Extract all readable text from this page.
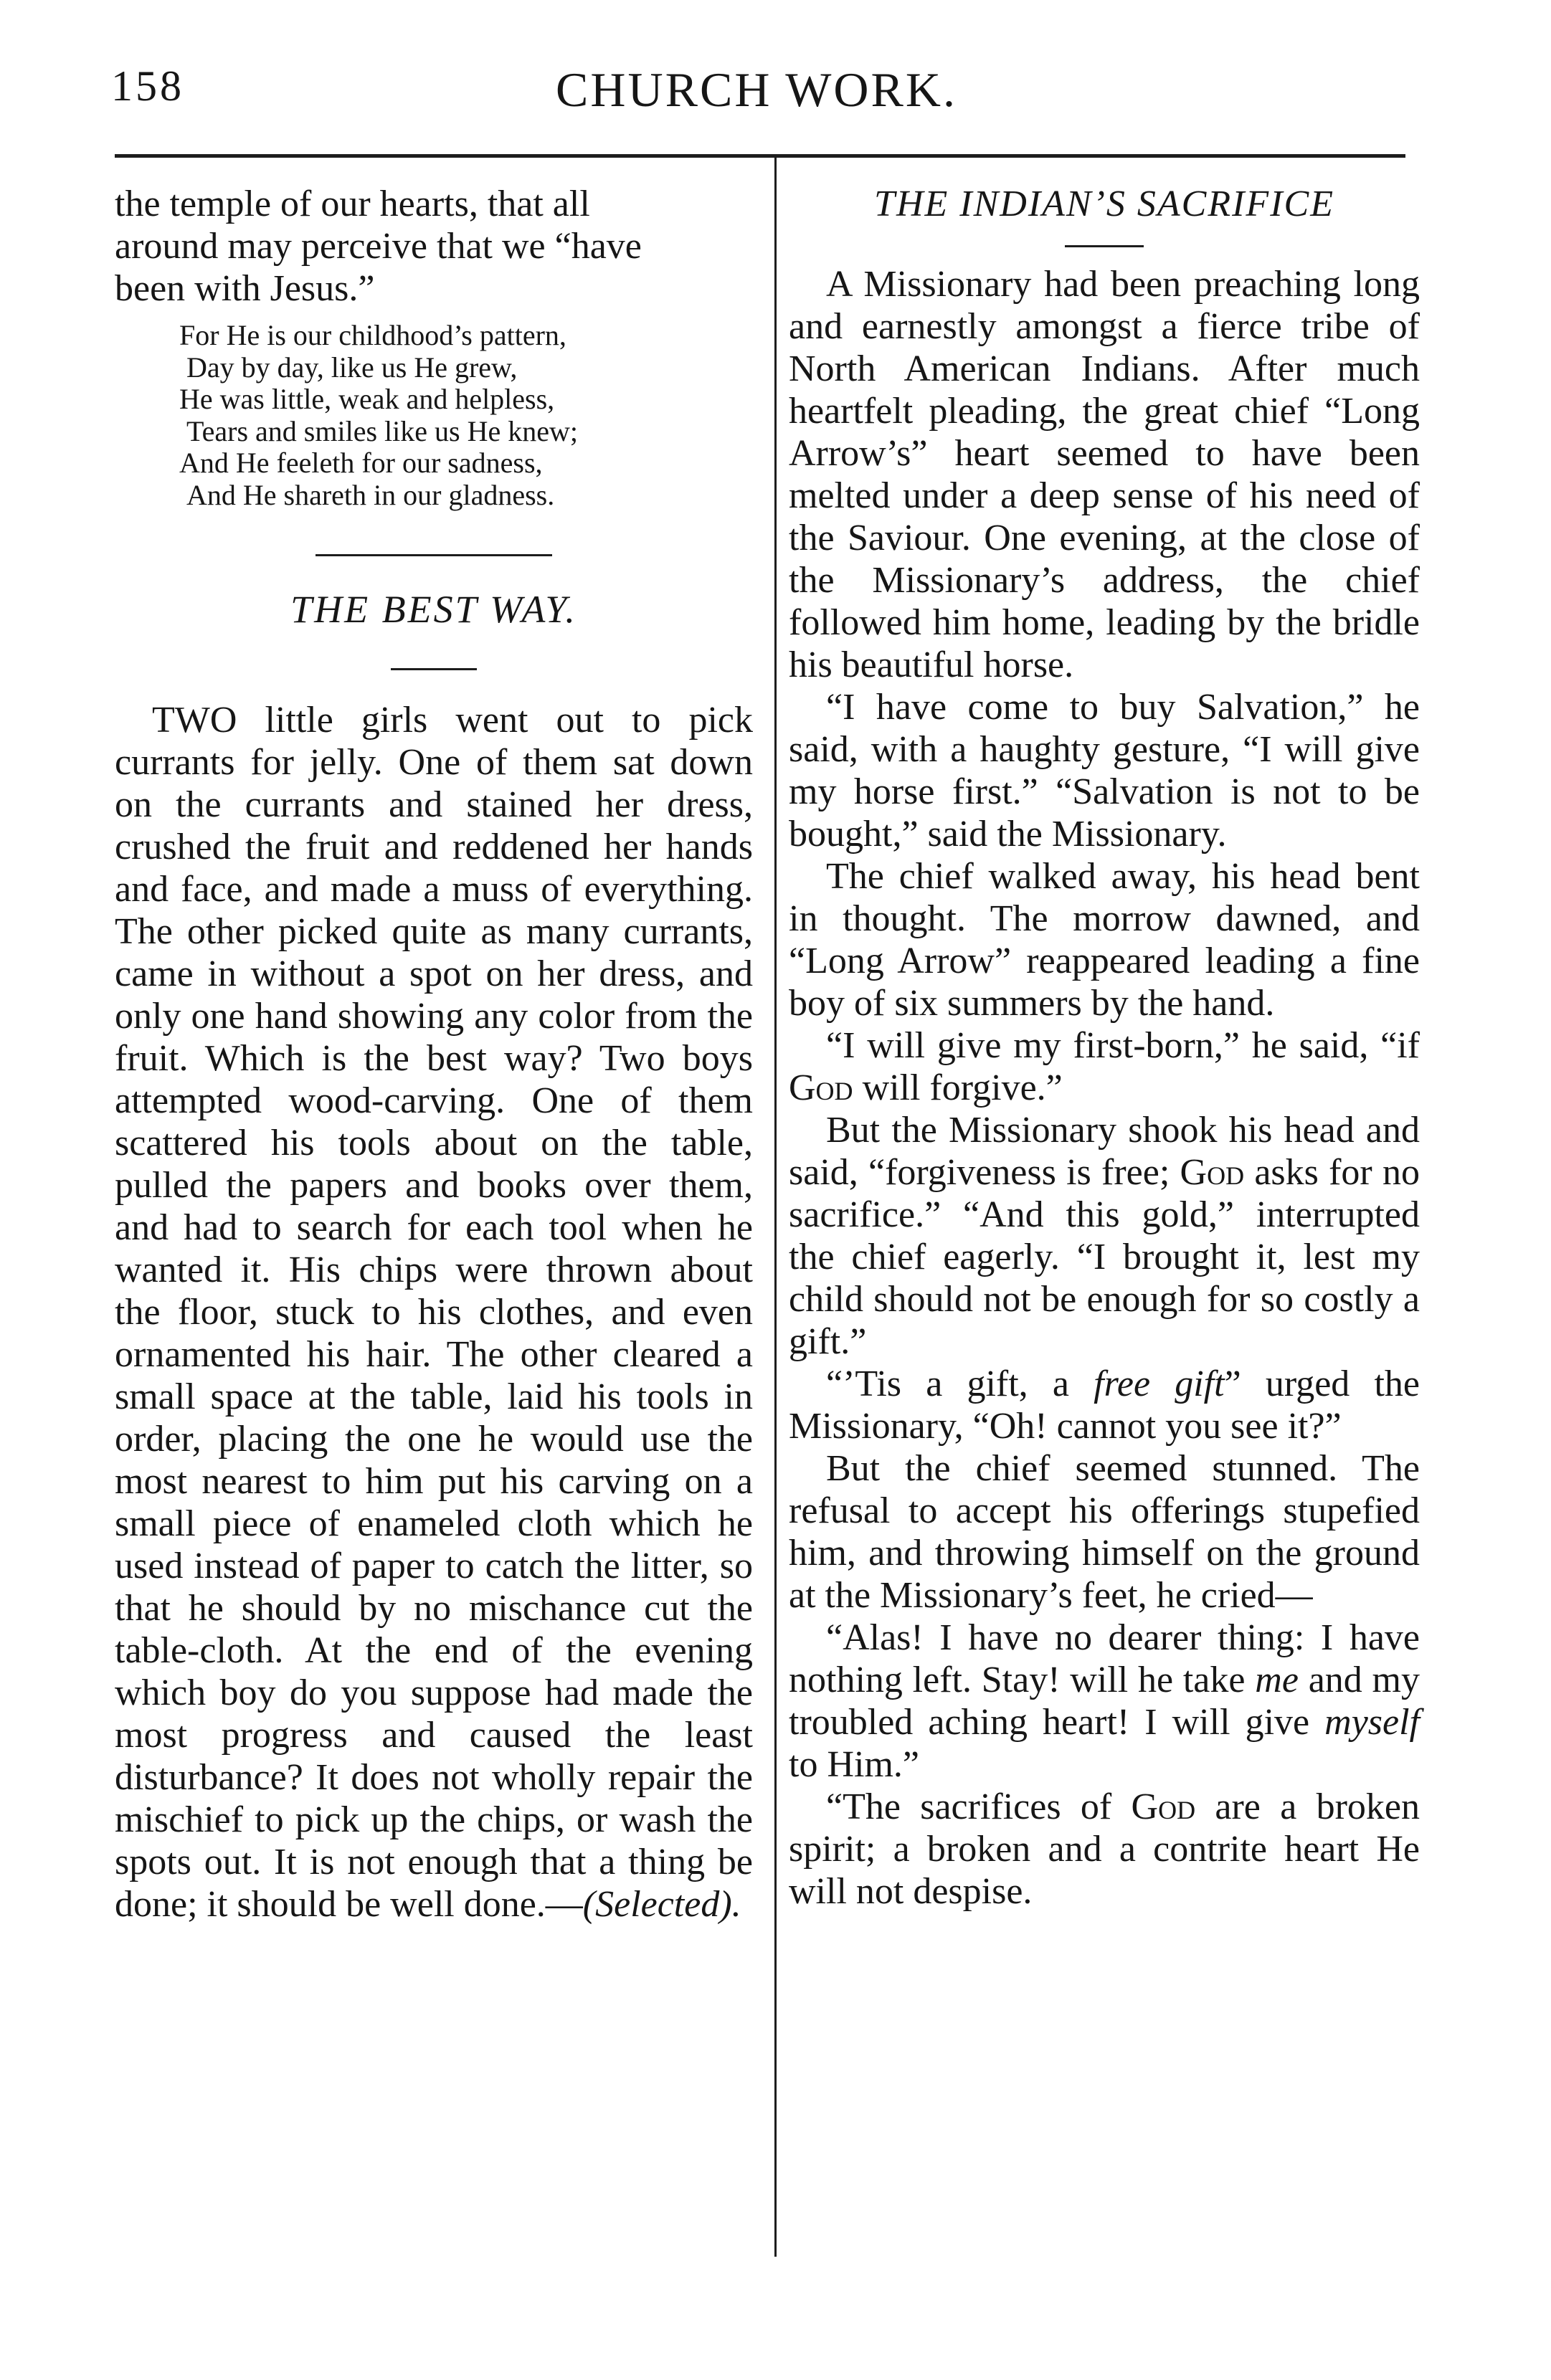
158	CHURCH WORK.

the temple of our hearts, that all
around may perceive that we “have
been with Jesus.”

For He is our childhood’s pattern,
Day by day, like us He grew,
He was little, weak and helpless,
Tears and smiles like us He knew;
And He feeleth for our sadness,
And He shareth in our gladness.
THE BEST WAY.

TWO little girls went out to pick currants for jelly. One of them sat down on the currants and stained her dress, crushed the fruit and reddened her hands and face, and made a muss of everything. The other picked quite as many currants, came in without a spot on her dress, and only one hand showing any color from the fruit. Which is the best way? Two boys attempted wood-carving. One of them scattered his tools about on the table, pulled the papers and books over them, and had to search for each tool when he wanted it. His chips were thrown about the floor, stuck to his clothes, and even ornamented his hair. The other cleared a small space at the table, laid his tools in order, placing the one he would use the most nearest to him put his carving on a small piece of enameled cloth which he used instead of paper to catch the litter, so that he should by no mischance cut the table-cloth. At the end of the evening which boy do you suppose had made the most progress and caused the least disturbance? It does not wholly repair the mischief to pick up the chips, or wash the spots out. It is not enough that a thing be done; it should be well done.—(Selected).

THE INDIAN’S SACRIFICE

A Missionary had been preaching long and earnestly amongst a fierce tribe of North American Indians. After much heartfelt pleading, the great chief “Long Arrow’s” heart seemed to have been melted under a deep sense of his need of the Saviour. One evening, at the close of the Missionary’s address, the chief followed him home, leading by the bridle his beautiful horse.

“I have come to buy Salvation,” he said, with a haughty gesture, “I will give my horse first.” “Salvation is not to be bought,” said the Missionary.

The chief walked away, his head bent in thought. The morrow dawned, and “Long Arrow” reappeared leading a fine boy of six summers by the hand.

“I will give my first-born,” he said, “if God will forgive.”

But the Missionary shook his head and said, “forgiveness is free; God asks for no sacrifice.” “And this gold,” interrupted the chief eagerly. “I brought it, lest my child should not be enough for so costly a gift.”

“’Tis a gift, a free gift” urged the Missionary, “Oh! cannot you see it?”

But the chief seemed stunned. The refusal to accept his offerings stupefied him, and throwing himself on the ground at the Missionary’s feet, he cried—

“Alas! I have no dearer thing: I have nothing left. Stay! will he take me and my troubled aching heart! I will give myself to Him.”

“The sacrifices of God are a broken spirit; a broken and a contrite heart He will not despise.
